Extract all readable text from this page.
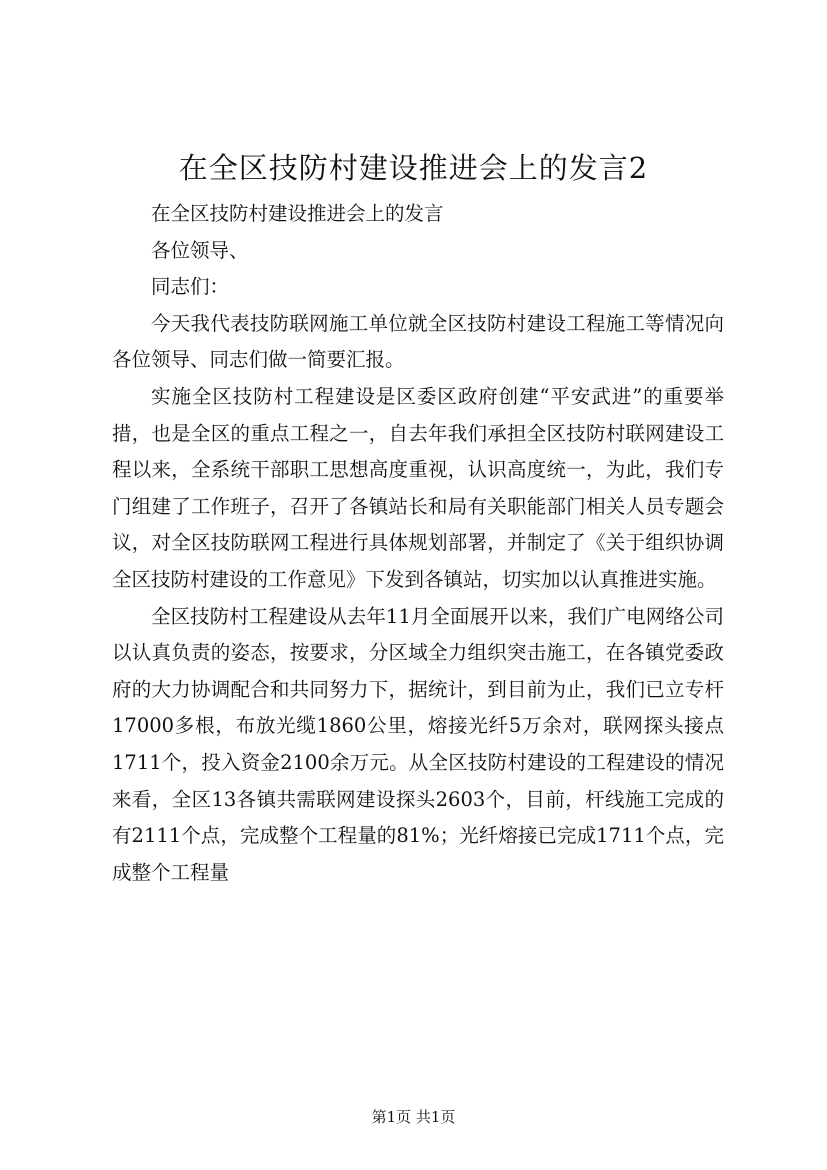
在全区技防村建设推进会上的发言2

在全区技防村建设推进会上的发言

各位领导、

同志们：

今天我代表技防联网施工单位就全区技防村建设工程施工等情况向各位领导、同志们做一简要汇报。

实施全区技防村工程建设是区委区政府创建“平安武进”的重要举措，也是全区的重点工程之一，自去年我们承担全区技防村联网建设工程以来，全系统干部职工思想高度重视，认识高度统一，为此，我们专门组建了工作班子，召开了各镇站长和局有关职能部门相关人员专题会议，对全区技防联网工程进行具体规划部署，并制定了《关于组织协调全区技防村建设的工作意见》下发到各镇站，切实加以认真推进实施。

全区技防村工程建设从去年11月全面展开以来，我们广电网络公司以认真负责的姿态，按要求，分区域全力组织突击施工，在各镇党委政府的大力协调配合和共同努力下，据统计，到目前为止，我们已立专杆17000多根，布放光缆1860公里，熔接光纤5万余对，联网探头接点1711个，投入资金2100余万元。从全区技防村建设的工程建设的情况来看，全区13各镇共需联网建设探头2603个，目前，杆线施工完成的有2111个点，完成整个工程量的81%；光纤熔接已完成1711个点，完成整个工程量

第1页 共1页
